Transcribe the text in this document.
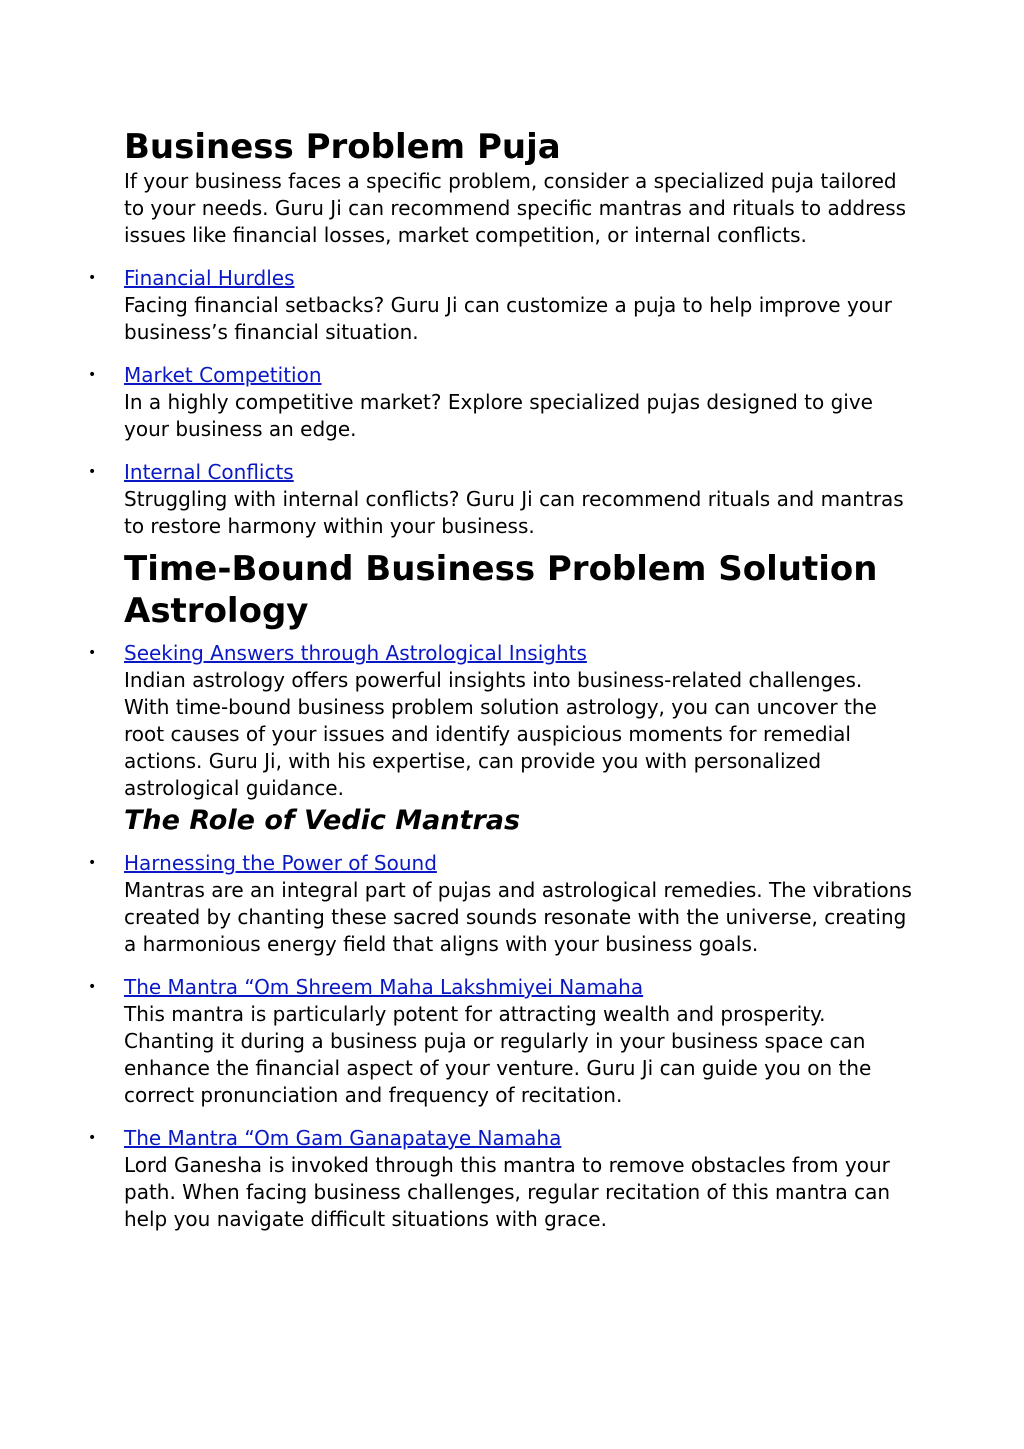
Business Problem Puja

If your business faces a specific problem, consider a specialized puja tailored to your needs. Guru Ji can recommend specific mantras and rituals to address issues like financial losses, market competition, or internal conflicts.

• Financial Hurdles
Facing financial setbacks? Guru Ji can customize a puja to help improve your business’s financial situation.
• Market Competition
In a highly competitive market? Explore specialized pujas designed to give your business an edge.
• Internal Conflicts
Struggling with internal conflicts? Guru Ji can recommend rituals and mantras to restore harmony within your business.
Time-Bound Business Problem Solution Astrology
• Seeking Answers through Astrological Insights
Indian astrology offers powerful insights into business-related challenges. With time-bound business problem solution astrology, you can uncover the root causes of your issues and identify auspicious moments for remedial actions. Guru Ji, with his expertise, can provide you with personalized astrological guidance.
The Role of Vedic Mantras
• Harnessing the Power of Sound
Mantras are an integral part of pujas and astrological remedies. The vibrations created by chanting these sacred sounds resonate with the universe, creating a harmonious energy field that aligns with your business goals.
• The Mantra “Om Shreem Maha Lakshmiyei Namaha
This mantra is particularly potent for attracting wealth and prosperity. Chanting it during a business puja or regularly in your business space can enhance the financial aspect of your venture. Guru Ji can guide you on the correct pronunciation and frequency of recitation.
• The Mantra “Om Gam Ganapataye Namaha
Lord Ganesha is invoked through this mantra to remove obstacles from your path. When facing business challenges, regular recitation of this mantra can help you navigate difficult situations with grace.
